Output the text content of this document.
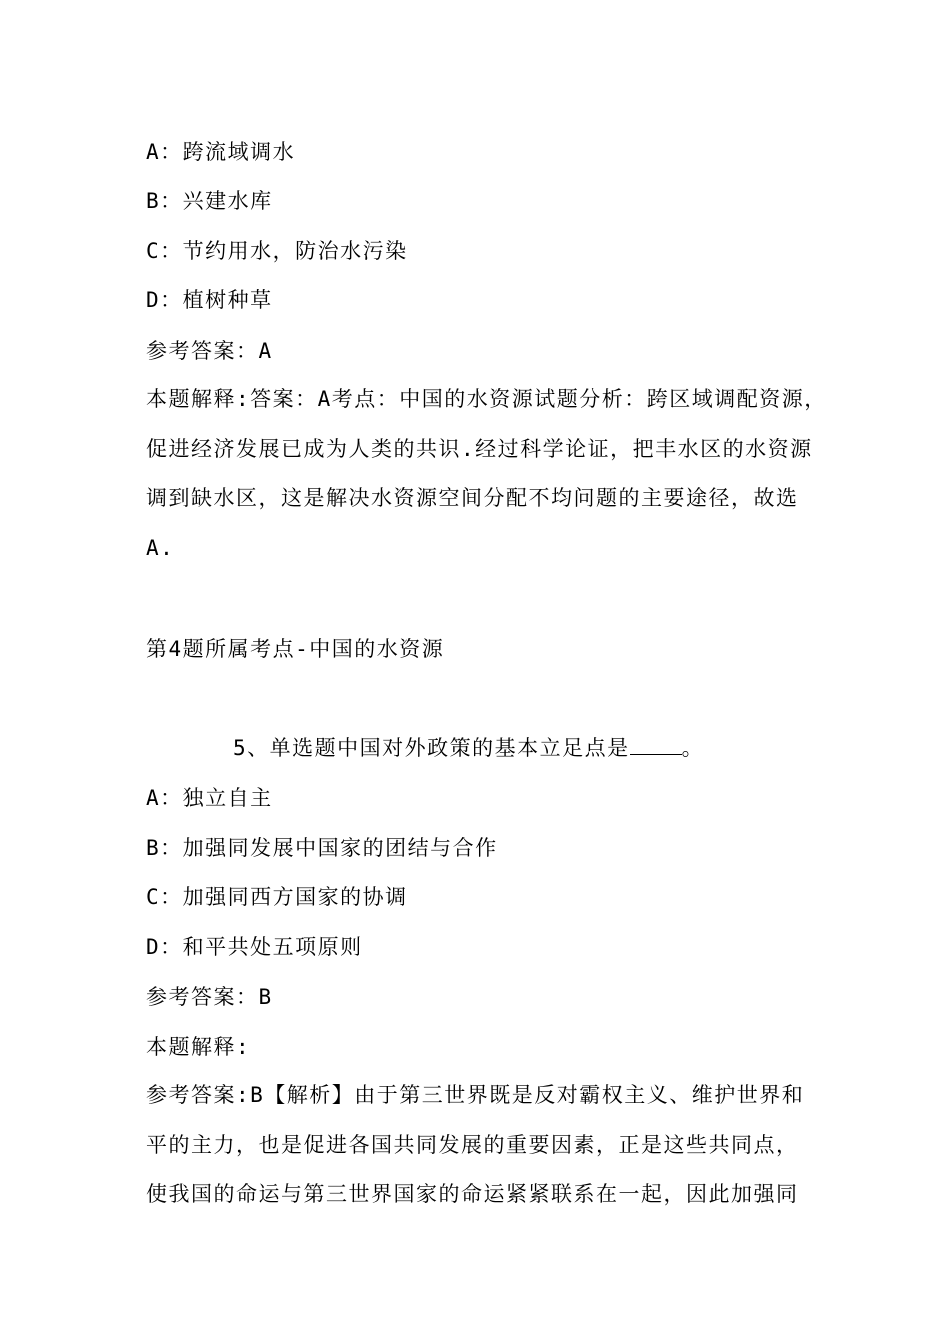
A：跨流域调水
B：兴建水库
C：节约用水，防治水污染
D：植树种草
参考答案：A
本题解释:答案：A考点：中国的水资源试题分析：跨区域调配资源，
促进经济发展已成为人类的共识.经过科学论证，把丰水区的水资源
调到缺水区，这是解决水资源空间分配不均问题的主要途径，故选
A.
第4题所属考点-中国的水资源
5、单选题中国对外政策的基本立足点是 。
A：独立自主
B：加强同发展中国家的团结与合作
C：加强同西方国家的协调
D：和平共处五项原则
参考答案：B
本题解释:
参考答案:B【解析】由于第三世界既是反对霸权主义、维护世界和
平的主力，也是促进各国共同发展的重要因素，正是这些共同点，
使我国的命运与第三世界国家的命运紧紧联系在一起，因此加强同
